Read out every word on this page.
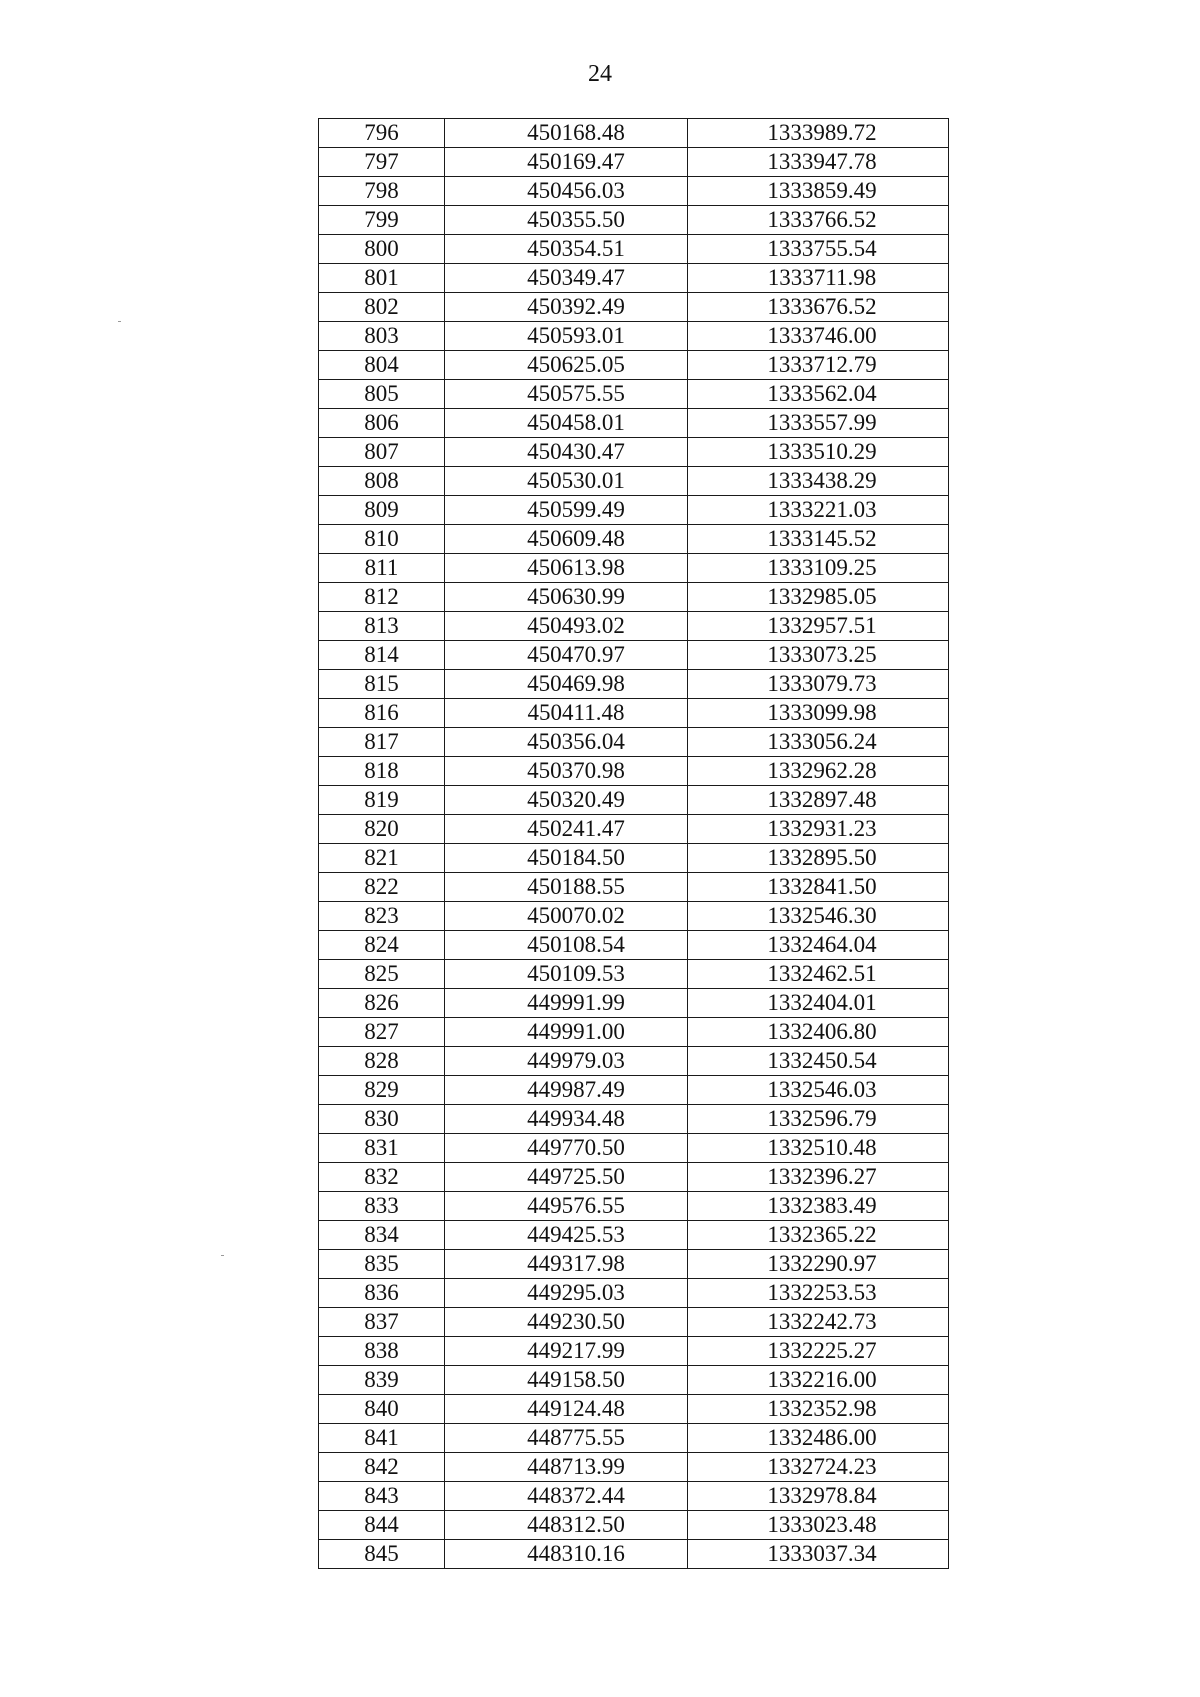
24
796	450168.48	1333989.72
797	450169.47	1333947.78
798	450456.03	1333859.49
799	450355.50	1333766.52
800	450354.51	1333755.54
801	450349.47	1333711.98
802	450392.49	1333676.52
803	450593.01	1333746.00
804	450625.05	1333712.79
805	450575.55	1333562.04
806	450458.01	1333557.99
807	450430.47	1333510.29
808	450530.01	1333438.29
809	450599.49	1333221.03
810	450609.48	1333145.52
811	450613.98	1333109.25
812	450630.99	1332985.05
813	450493.02	1332957.51
814	450470.97	1333073.25
815	450469.98	1333079.73
816	450411.48	1333099.98
817	450356.04	1333056.24
818	450370.98	1332962.28
819	450320.49	1332897.48
820	450241.47	1332931.23
821	450184.50	1332895.50
822	450188.55	1332841.50
823	450070.02	1332546.30
824	450108.54	1332464.04
825	450109.53	1332462.51
826	449991.99	1332404.01
827	449991.00	1332406.80
828	449979.03	1332450.54
829	449987.49	1332546.03
830	449934.48	1332596.79
831	449770.50	1332510.48
832	449725.50	1332396.27
833	449576.55	1332383.49
834	449425.53	1332365.22
835	449317.98	1332290.97
836	449295.03	1332253.53
837	449230.50	1332242.73
838	449217.99	1332225.27
839	449158.50	1332216.00
840	449124.48	1332352.98
841	448775.55	1332486.00
842	448713.99	1332724.23
843	448372.44	1332978.84
844	448312.50	1333023.48
845	448310.16	1333037.34
